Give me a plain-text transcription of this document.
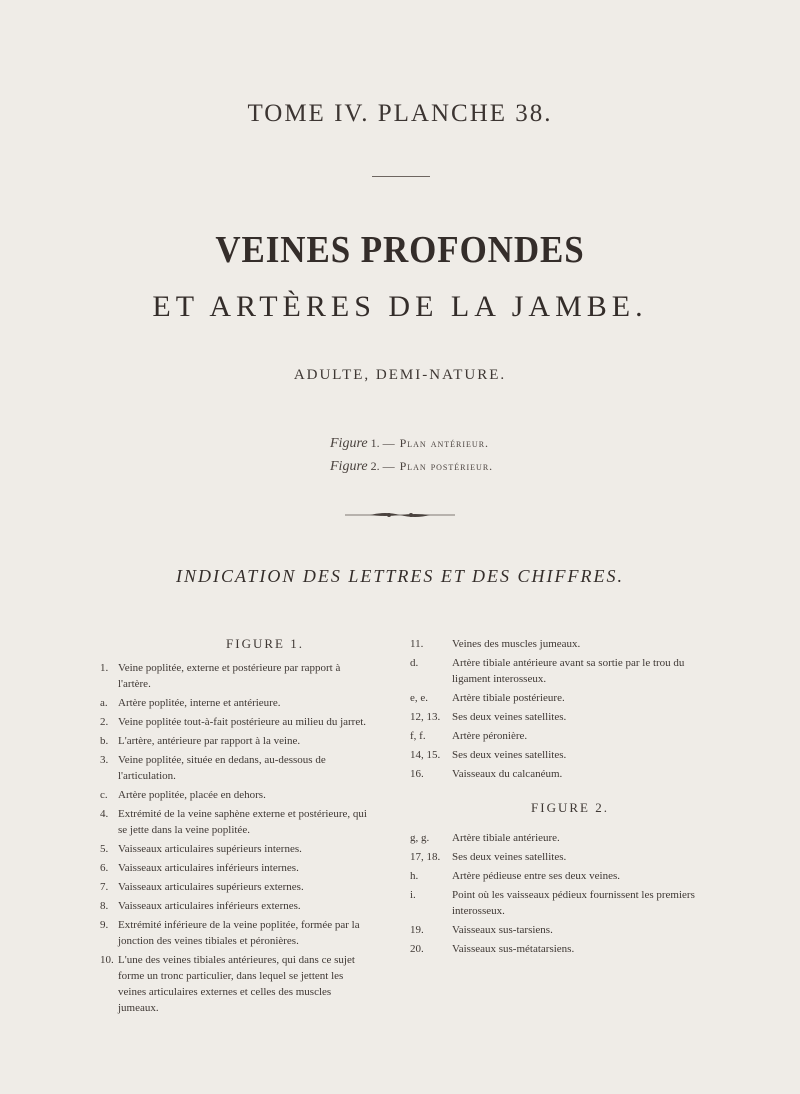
TOME IV. PLANCHE 38.
VEINES PROFONDES
ET ARTÈRES DE LA JAMBE.
ADULTE, DEMI-NATURE.
Figure 1. — Plan antérieur.
Figure 2. — Plan postérieur.
INDICATION DES LETTRES ET DES CHIFFRES.
FIGURE 1.
1. Veine poplitée, externe et postérieure par rapport à l'artère.
a. Artère poplitée, interne et antérieure.
2. Veine poplitée tout-à-fait postérieure au milieu du jarret.
b. L'artère, antérieure par rapport à la veine.
3. Veine poplitée, située en dedans, au-dessous de l'articulation.
c. Artère poplitée, placée en dehors.
4. Extrémité de la veine saphène externe et postérieure, qui se jette dans la veine poplitée.
5. Vaisseaux articulaires supérieurs internes.
6. Vaisseaux articulaires inférieurs internes.
7. Vaisseaux articulaires supérieurs externes.
8. Vaisseaux articulaires inférieurs externes.
9. Extrémité inférieure de la veine poplitée, formée par la jonction des veines tibiales et péronières.
10. L'une des veines tibiales antérieures, qui dans ce sujet forme un tronc particulier, dans lequel se jettent les veines articulaires externes et celles des muscles jumeaux.
11.	Veines des muscles jumeaux.
d.	Artère tibiale antérieure avant sa sortie par le trou du ligament interosseux.
e, e.	Artère tibiale postérieure.
12, 13.	Ses deux veines satellites.
f, f.	Artère péronière.
14, 15.	Ses deux veines satellites.
16.	Vaisseaux du calcanéum.
FIGURE 2.
g, g.	Artère tibiale antérieure.
17, 18.	Ses deux veines satellites.
h.	Artère pédieuse entre ses deux veines.
i.	Point où les vaisseaux pédieux fournissent les premiers interosseux.
19.	Vaisseaux sus-tarsiens.
20.	Vaisseaux sus-métatarsiens.
